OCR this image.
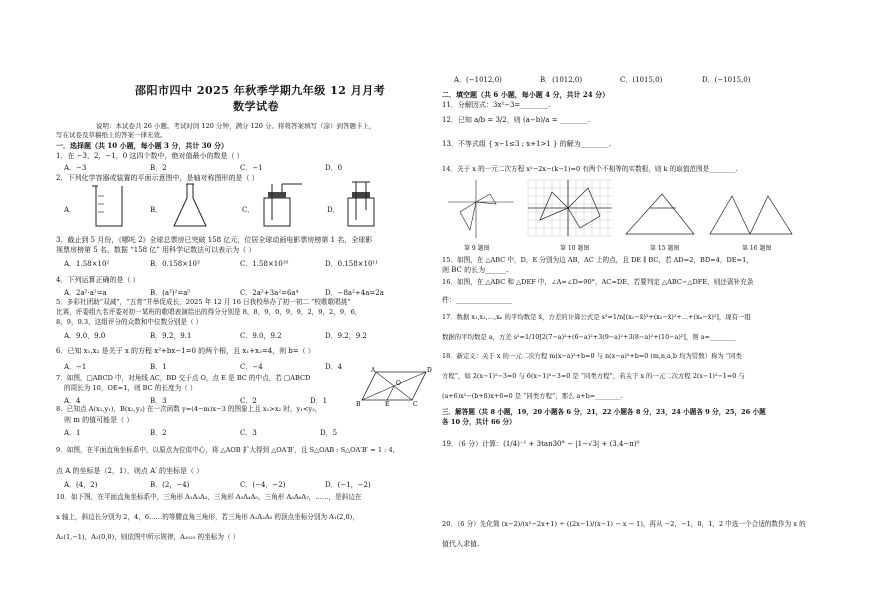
邵阳市四中 2025 年秋季学期九年级 12 月月考
数学试卷
说明：本试卷共 26 小题。考试时间 120 分钟，满分 120 分。将将答案填写（涂）到答题卡上，
写在试卷及草稿纸上的答案一律无效。
一．选择题（共 10 小题，每小题 3 分，共计 30 分）
1．在 −3，2，−1，0 这四个数中，绝对值最小的数是（ ）
A．−3	B．2	C．−1	D．0
2．下列化学容器或装置的平面示意图中，是轴对称图形的是（ ）
A．	B．	C．	D．
3．截止到 5 月份，《哪吒 2》全球总票房已突破 158 亿元，位居全球动画电影票房榜第 1 名，全球影
视票房榜第 5 名。数据 “158 亿” 用科学记数法可以表示为（ ）
A．1.58×10²	B．0.158×10³	C．1.58×10¹⁰	D．0.158×10¹¹
4．下列运算正确的是（ ）
A．2a²·a²=a	B．(a³)²=a⁵	C．2a²+3a²=6a⁴	D．−8a²÷4a=2a
5．多彩社团助“双减”，“五育”并举促成长，2025 年 12 月 16 日我校举办了初一初二 “校歌歌唱挑”
比赛，评委组九名评委对初一某班的歌唱表演给出的得分分别是 8，8，9，0，9，9，2，9，2，9，6，
8，9，9.3，这组评分的众数和中位数分别是（ ）
A．9.0，9.0	B．9.2，9.1	C．9.0，9.2	D．9.2，9.2
6．已知 x₁,x₂ 是关于 x 的方程 x²+bx−1=0 的两个根，且 x₁+x₂=4，则 b=（ ）
A．−1	B．1	C．−4	D．4
7．如图，□ABCD 中，对角线 AC，BD 交于点 O，点 E 是 BC 的中点，若 □ABCD
的周长为 10，OE=1，则 BC 的长度为（ ）
A．4	B．3	C．2	D．1
A	D
O
B	E	C
8．已知点 A(x₁,y₁)，B(x₂,y₂) 在一次函数 y=(4−m)x−3 的图象上且 x₁>x₂ 时，y₁<y₂，
则 m 的值可能是（ ）
A．1	B．2	C．3	D．5
9．如图，在平面直角坐标系中，以原点为位似中心，将 △AOB 扩大得到 △OA′B′，且 S△OAB : S△OA′B′ = 1 : 4，
点 A 的坐标是（2，1），则点 A′ 的坐标是（ ）
A．(4，2)	B．(2，−4)	C．(−4，−2)	D．(−1，−2)
10．如下图，在平面直角坐标系中，三角形 A₁A₂A₃，三角形 A₃A₄A₅，三角形 A₅A₆A₇，……，是斜边在
x 轴上，斜边长分别为 2，4，6……的等腰直角三角形，若三角形 A₁A₂A₃ 的顶点坐标分别为 A₁(2,0)，
A₂(1,−1)，A₃(0,0)，则依图中所示规律，A₂₀₂₅ 的坐标为（ ）
A．(−1012,0)	B．(1012,0)	C．(1015,0)	D．(−1015,0)
二．填空题（共 6 小题，每小题 4 分，共计 24 分）
11．分解因式：3x²−3=________.
12．已知 a/b = 3/2，则 (a−b)/a = ________.
13．不等式组 { x−1≤3 ; x+1>1 } 的解为________.
14．关于 x 的一元二次方程 x²−2x−(k−1)=0 有两个不相等的实数根，则 k 的取值范围是________.
第 9 题图	第 10 题图	第 15 题图	第 16 题图
15．如图，在 △ABC 中，D，E 分别为边 AB，AC 上的点，且 DE ∥ BC，若 AD=2，BD=4，DE=1，
则 BC 的长为______.
16．如图，在 △ABC 和 △DEF 中，∠A=∠D=90°，AC=DE，若要判定 △ABC∽△DFE，则还需补充条
件：________________
17．数据 x₁,x₂,…,xₙ 的平均数是 x̄，方差的计算公式是 s²=1/n[(x₁−x̄)²+(x₂−x̄)²+…+(xₙ−x̄)²]，现有一组
数据的平均数是 a，方差 s²=1/10[2(7−a)²+(6−a)²+3(9−a)²+3(8−a)²+(10−a)²]，则 a=________
18．新定义：关于 x 的一元二次方程 m(x−a)²+b=0 与 n(x−a)²+b=0 (m,n,a,b 均为常数）称为 “同类
方程”，如 2(x−1)²−3=0 与 6(x−1)²−3=0 是 “同类方程”，若关于 x 的一元二次方程 2(x−1)²−1=0 与
(a+6)x²−(b+8)x+6=0 是 “同类方程”，那么 a+b=________.
三．解答题（共 8 小题，19，20 小题各 6 分，21，22 小题各 8 分，23，24 小题各 9 分，25，26 小题
各 10 分，共计 66 分）
19．（6 分）计算：(1/4)⁻¹ + 3tan30° − |1−√3| + (3.4−π)⁰
20．（6 分）先化简 (x−2)/(x²−2x+1) ÷ ((2x−1)/(x−1) − x − 1)，再从 −2，−1，0，1，2 中选一个合适的数作为 x 的
值代入求值.
